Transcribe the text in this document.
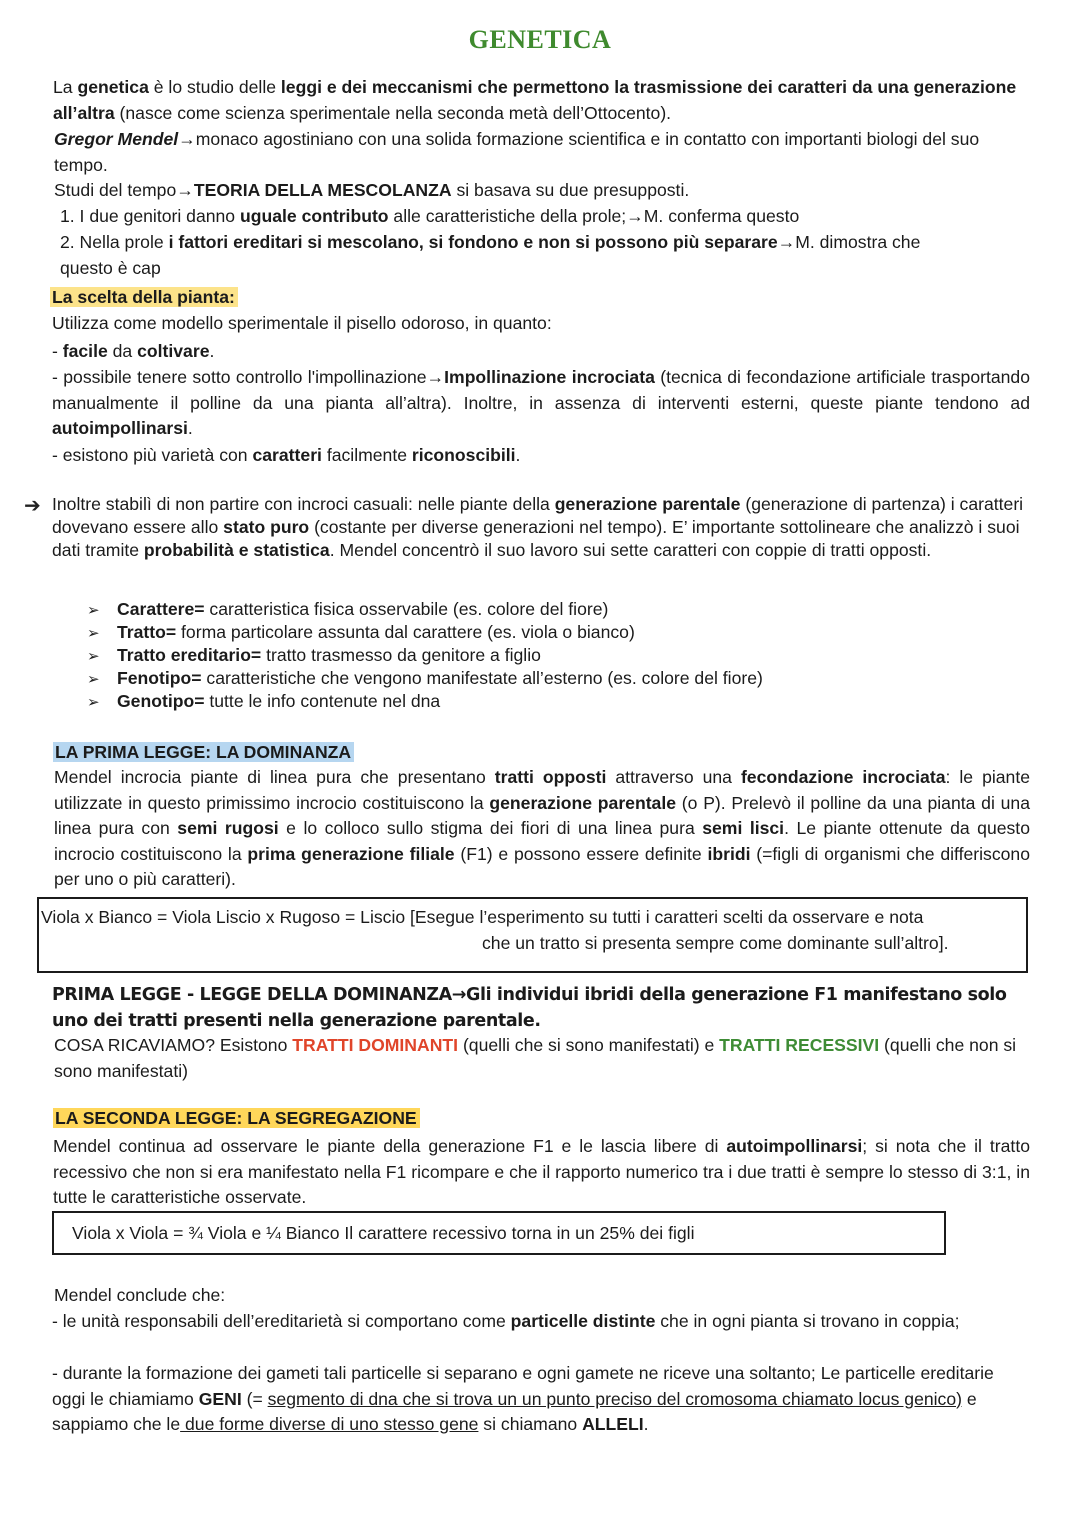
GENETICA
La genetica è lo studio delle leggi e dei meccanismi che permettono la trasmissione dei caratteri da una generazione all’altra (nasce come scienza sperimentale nella seconda metà dell’Ottocento).
Gregor Mendel→monaco agostiniano con una solida formazione scientifica e in contatto con importanti biologi del suo tempo.
Studi del tempo→TEORIA DELLA MESCOLANZA si basava su due presupposti.
1. I due genitori danno uguale contributo alle caratteristiche della prole;→M. conferma questo
2. Nella prole i fattori ereditari si mescolano, si fondono e non si possono più separare→M. dimostra che
questo è cap
La scelta della pianta:
Utilizza come modello sperimentale il pisello odoroso, in quanto:
- facile da coltivare.
- possibile tenere sotto controllo l'impollinazione→Impollinazione incrociata (tecnica di fecondazione artificiale trasportando manualmente il polline da una pianta all’altra). Inoltre, in assenza di interventi esterni, queste piante tendono ad autoimpollinarsi.
- esistono più varietà con caratteri facilmente riconoscibili.
➔ Inoltre stabilì di non partire con incroci casuali: nelle piante della generazione parentale (generazione di partenza) i caratteri dovevano essere allo stato puro (costante per diverse generazioni nel tempo). E’ importante sottolineare che analizzò i suoi dati tramite probabilità e statistica. Mendel concentrò il suo lavoro sui sette caratteri con coppie di tratti opposti.
➢ Carattere= caratteristica fisica osservabile (es. colore del fiore)
➢ Tratto= forma particolare assunta dal carattere (es. viola o bianco)
➢ Tratto ereditario= tratto trasmesso da genitore a figlio
➢ Fenotipo= caratteristiche che vengono manifestate all’esterno (es. colore del fiore)
➢ Genotipo= tutte le info contenute nel dna
LA PRIMA LEGGE: LA DOMINANZA
Mendel incrocia piante di linea pura che presentano tratti opposti attraverso una fecondazione incrociata: le piante utilizzate in questo primissimo incrocio costituiscono la generazione parentale (o P). Prelevò il polline da una pianta di una linea pura con semi rugosi e lo colloco sullo stigma dei fiori di una linea pura semi lisci. Le piante ottenute da questo incrocio costituiscono la prima generazione filiale (F1) e possono essere definite ibridi (=figli di organismi che differiscono per uno o più caratteri).
Viola x Bianco = Viola Liscio x Rugoso = Liscio [Esegue l’esperimento su tutti i caratteri scelti da osservare e nota
che un tratto si presenta sempre come dominante sull’altro].
PRIMA LEGGE - LEGGE DELLA DOMINANZA→Gli individui ibridi della generazione F1 manifestano solo uno dei tratti presenti nella generazione parentale.
COSA RICAVIAMO? Esistono TRATTI DOMINANTI (quelli che si sono manifestati) e TRATTI RECESSIVI (quelli che non si sono manifestati)
LA SECONDA LEGGE: LA SEGREGAZIONE
Mendel continua ad osservare le piante della generazione F1 e le lascia libere di autoimpollinarsi; si nota che il tratto recessivo che non si era manifestato nella F1 ricompare e che il rapporto numerico tra i due tratti è sempre lo stesso di 3:1, in tutte le caratteristiche osservate.
Viola x Viola = ¾ Viola e ¼ Bianco Il carattere recessivo torna in un 25% dei figli
Mendel conclude che:
- le unità responsabili dell’ereditarietà si comportano come particelle distinte che in ogni pianta si trovano in coppia;
- durante la formazione dei gameti tali particelle si separano e ogni gamete ne riceve una soltanto; Le particelle ereditarie oggi le chiamiamo GENI (= segmento di dna che si trova un un punto preciso del cromosoma chiamato locus genico) e sappiamo che le due forme diverse di uno stesso gene si chiamano ALLELI.
